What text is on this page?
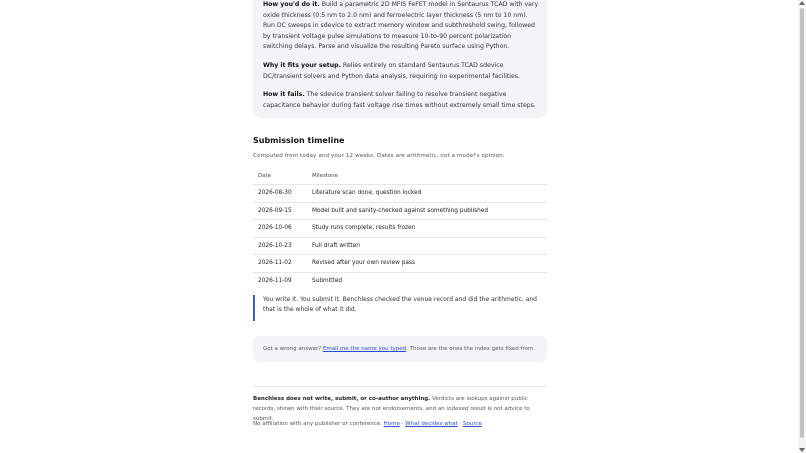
How you'd do it. Build a parametric 2D MFIS FeFET model in Sentaurus TCAD with vary oxide thickness (0.5 nm to 2.0 nm) and ferroelectric layer thickness (5 nm to 10 nm). Run DC sweeps in sdevice to extract memory window and subthreshold swing, followed by transient voltage pulse simulations to measure 10-to-90 percent polarization switching delays. Parse and visualize the resulting Pareto surface using Python.

Why it fits your setup. Relies entirely on standard Sentaurus TCAD sdevice DC/transient solvers and Python data analysis, requiring no experimental facilities.

How it fails. The sdevice transient solver failing to resolve transient negative capacitance behavior during fast voltage rise times without extremely small time steps.

Submission timeline
Computed from today and your 12 weeks. Dates are arithmetic, not a model's opinion.
Date	Milestone
2026-08-30	Literature scan done, question locked
2026-09-15	Model built and sanity-checked against something published
2026-10-06	Study runs complete, results frozen
2026-10-23	Full draft written
2026-11-02	Revised after your own review pass
2026-11-09	Submitted
You write it. You submit it. Benchless checked the venue record and did the arithmetic, and that is the whole of what it did.
Got a wrong answer? Email me the name you typed. Those are the ones the index gets fixed from.
Benchless does not write, submit, or co-author anything. Verdicts are lookups against public records, shown with their source. They are not endorsements, and an indexed result is not advice to submit.
No affiliation with any publisher or conference. Home · What decides what · Source
